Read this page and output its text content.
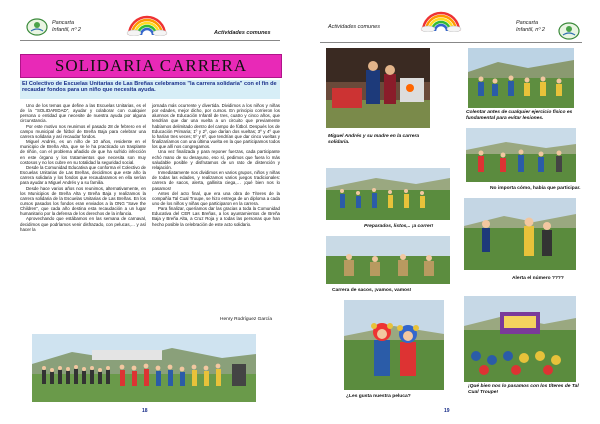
Pancarta
Infantil, nº 2	Actividades comunes
SOLIDARIA CARRERA
El Colectivo de Escuelas Unitarias de Las Breñas celebramos "la carrera solidaria" con el fin de recaudar fondos para un niño que necesita ayuda.

Uno de los temas que define a las Escuelas Unitarias, es el de la "SOLIDARIDAD", ayudar y colaborar con cualquier persona o entidad que necesite de nuestra ayuda por alguna circunstancia.

Por este motivo nos reunimos el pasado 28 de febrero en el campo municipal de fútbol de Breña Baja para celebrar una carrera solidaria y así recaudar fondos.

Miguel Andrés, es un niño de 10 años, residente en el municipio de Breña Alta, que se le ha practicado un trasplante de riñón, con el problema añadido de que ha sufrido infección en este órgano y los tratamientos que necesita son muy costosos y no los cubre en su totalidad la seguridad social.

Desde la Comunidad Educativa que conforma el Colectivo de Escuelas Unitarias de Las Breñas, decidimos que este año la carrera solidaria y los fondos que recaudaramos en ella serían para ayudar a Miguel Andrés y a su familia.

Desde hace varios años nos reunimos, alternativamente, en los Municipios de Breña Alta y Breña Baja y realizamos la carrera solidaria de la Escuelas Unitarias de Las Breñas. En los cursos pasados los fondos eran enviados a la ONG "Save the Children", que cada año destina esta recaudación a un lugar humanitario por la defensa de los derechos de la infancia.

Aprovechando que estábamos en las semana de carnaval, decidimos que podríamos venir disfrazado, con pelucas,… y así hacer la

jornada más ocurrente y divertida. Dividimos a los niños y niñas por edades, mejor dicho, por cursos. En principio corrieron los alumnos de Educación Infantil de tres, cuatro y cinco años, que tendrían que dar una vuelta a un circuito que previamente habíamos delimitado dentro del campo de fútbol. Después los de Educación Primaria; 1º y 2º, que darían dos vueltas; 3º y 4º que lo harían tres veces; 5º y 6º, que tendrían que dar cinco vueltas y finalizaríamos con una última vuelta en la que participamos todos los que allí nos congregamos.

Una vez finalizada y para reponer fuerzas, cada participante echó mano de su desayuno, eso sí, pedimos que fuera lo más saludable posible y disfrutamos de un rato de distención y relajación.

Inmediatamente nos dividimos en varios grupos, niños y niñas de todas las edades, y realizamos varios juegos tradicionales: carrera de sacos, alerta, gallinita ciega,… ¡qué bien nos lo pasamos!

Antes del acto final, que era una obra de Títeres de la compañía Tal Cual Troupe, se hizo entrega de un diploma a cada uno de los niños y niñas que participaron en la carrera.

Para finalizar, queríamos dar las gracias a toda la Comunidad Educativa del CER Las Breñas, a los ayuntamientos de Breña Baja y Breña Alta, a Cruz Roja y a todas las personas que han hecho posible la celebración de este acto solidario.

Henry Rodríguez García
18
Actividades comunes
Pancarta
Infantil, nº 2
Miguel Andrés y su madre en la carrera solidaria.
Colentar antes de cualquier ejercicio físico es fundamental para evitar lesiones.
No importa cómo, había que participar.
Preparados, listos,.. ¡a correr!
Carrera de sacos, ¡vamos, vamos!
Alerta el número ????
¿Les gusta nuestra peluca?
¡Qué bien nos lo pasamos con los títeres de Tal Cual Troupe!
19
